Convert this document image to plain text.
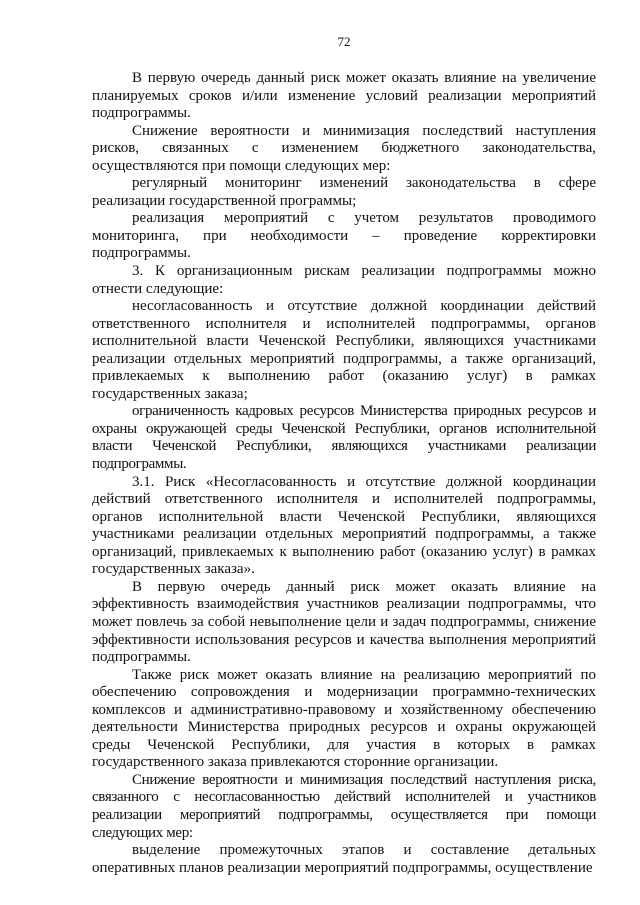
72

В первую очередь данный риск может оказать влияние на увеличение планируемых сроков и/или изменение условий реализации мероприятий подпрограммы.

Снижение вероятности и минимизация последствий наступления рисков, связанных с изменением бюджетного законодательства, осуществляются при помощи следующих мер:

регулярный мониторинг изменений законодательства в сфере реализации государственной программы;

реализация мероприятий с учетом результатов проводимого мониторинга, при необходимости – проведение корректировки подпрограммы.

3. К организационным рискам реализации подпрограммы можно отнести следующие:

несогласованность и отсутствие должной координации действий ответственного исполнителя и исполнителей подпрограммы, органов исполнительной власти Чеченской Республики, являющихся участниками реализации отдельных мероприятий подпрограммы, а также организаций, привлекаемых к выполнению работ (оказанию услуг) в рамках государственных заказа;

ограниченность кадровых ресурсов Министерства природных ресурсов и охраны окружающей среды Чеченской Республики, органов исполнительной власти Чеченской Республики, являющихся участниками реализации подпрограммы.

3.1. Риск «Несогласованность и отсутствие должной координации действий ответственного исполнителя и исполнителей подпрограммы, органов исполнительной власти Чеченской Республики, являющихся участниками реализации отдельных мероприятий подпрограммы, а также организаций, привлекаемых к выполнению работ (оказанию услуг) в рамках государственных заказа».

В первую очередь данный риск может оказать влияние на эффективность взаимодействия участников реализации подпрограммы, что может повлечь за собой невыполнение цели и задач подпрограммы, снижение эффективности использования ресурсов и качества выполнения мероприятий подпрограммы.

Также риск может оказать влияние на реализацию мероприятий по обеспечению сопровождения и модернизации программно-технических комплексов и административно-правовому и хозяйственному обеспечению деятельности Министерства природных ресурсов и охраны окружающей среды Чеченской Республики, для участия в которых в рамках государственного заказа привлекаются сторонние организации.

Снижение вероятности и минимизация последствий наступления риска, связанного с несогласованностью действий исполнителей и участников реализации мероприятий подпрограммы, осуществляется при помощи следующих мер:

выделение промежуточных этапов и составление детальных оперативных планов реализации мероприятий подпрограммы, осуществление
